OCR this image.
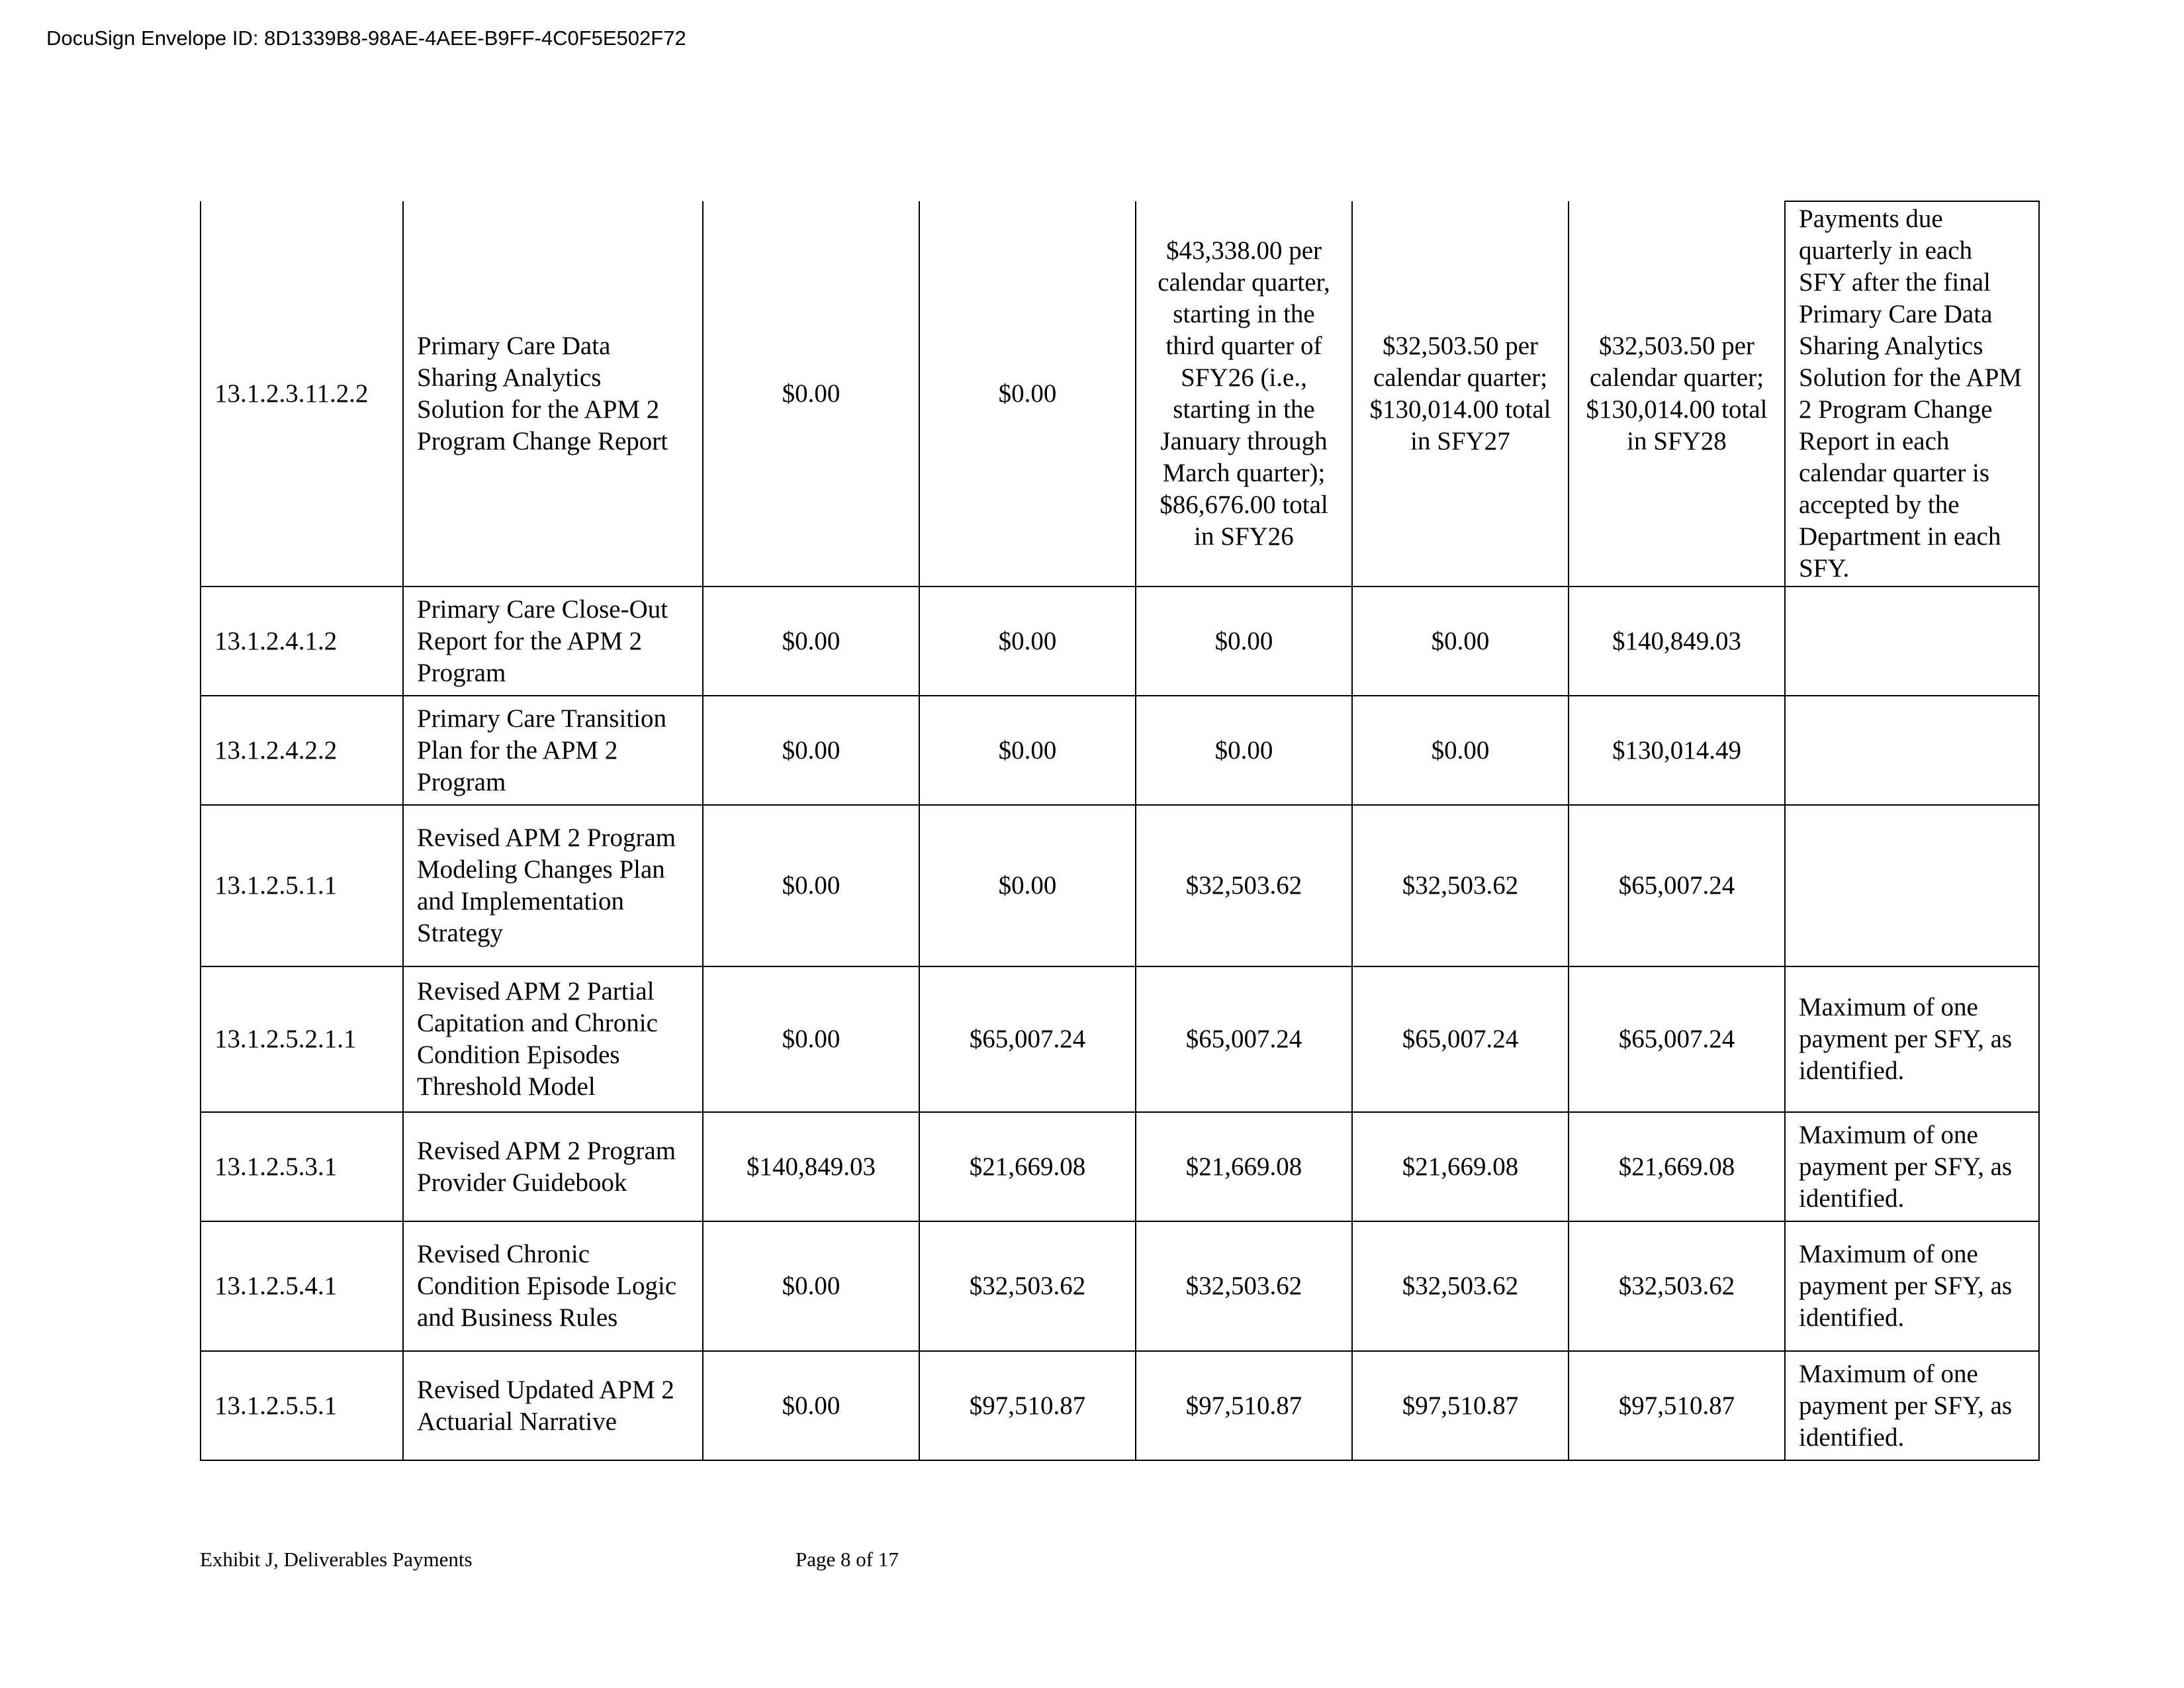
DocuSign Envelope ID: 8D1339B8-98AE-4AEE-B9FF-4C0F5E502F72
13.1.2.3.11.2.2	Primary Care Data Sharing Analytics Solution for the APM 2 Program Change Report	$0.00	$0.00	$43,338.00 per calendar quarter, starting in the third quarter of SFY26 (i.e., starting in the January through March quarter); $86,676.00 total in SFY26	$32,503.50 per calendar quarter; $130,014.00 total in SFY27	$32,503.50 per calendar quarter; $130,014.00 total in SFY28	Payments due quarterly in each SFY after the final Primary Care Data Sharing Analytics Solution for the APM 2 Program Change Report in each calendar quarter is accepted by the Department in each SFY.
13.1.2.4.1.2	Primary Care Close-Out Report for the APM 2 Program	$0.00	$0.00	$0.00	$0.00	$140,849.03	
13.1.2.4.2.2	Primary Care Transition Plan for the APM 2 Program	$0.00	$0.00	$0.00	$0.00	$130,014.49	
13.1.2.5.1.1	Revised APM 2 Program Modeling Changes Plan and Implementation Strategy	$0.00	$0.00	$32,503.62	$32,503.62	$65,007.24	
13.1.2.5.2.1.1	Revised APM 2 Partial Capitation and Chronic Condition Episodes Threshold Model	$0.00	$65,007.24	$65,007.24	$65,007.24	$65,007.24	Maximum of one payment per SFY, as identified.
13.1.2.5.3.1	Revised APM 2 Program Provider Guidebook	$140,849.03	$21,669.08	$21,669.08	$21,669.08	$21,669.08	Maximum of one payment per SFY, as identified.
13.1.2.5.4.1	Revised Chronic Condition Episode Logic and Business Rules	$0.00	$32,503.62	$32,503.62	$32,503.62	$32,503.62	Maximum of one payment per SFY, as identified.
13.1.2.5.5.1	Revised Updated APM 2 Actuarial Narrative	$0.00	$97,510.87	$97,510.87	$97,510.87	$97,510.87	Maximum of one payment per SFY, as identified.
Exhibit J, Deliverables Payments	Page 8 of 17
